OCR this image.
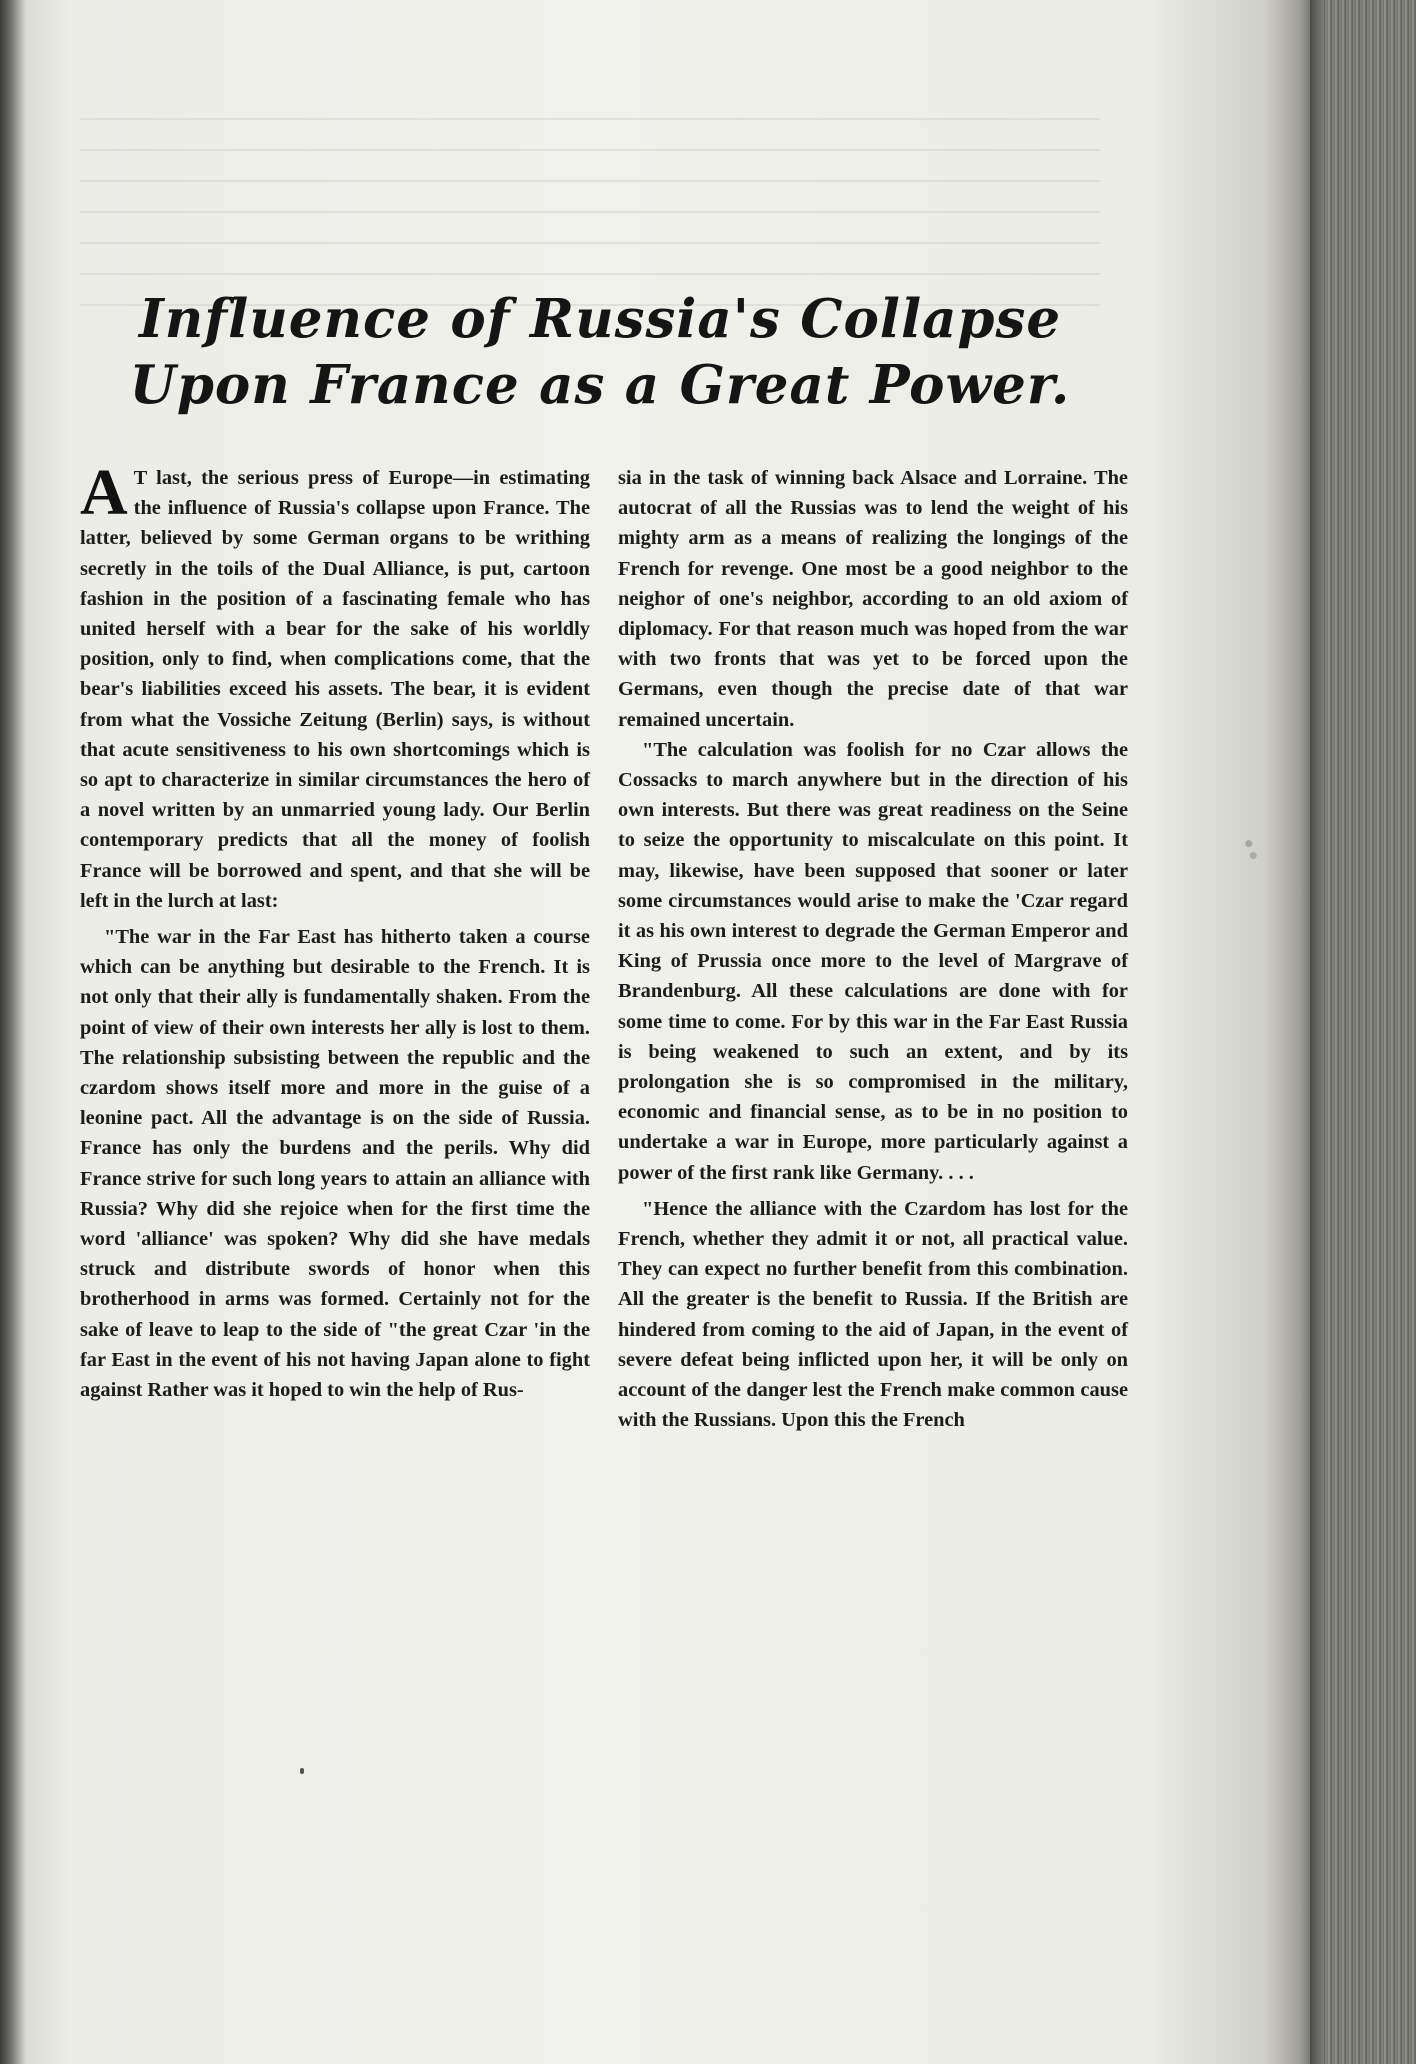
Influence of Russia's Collapse
Upon France as a Great Power.

A T last, the serious press of Europe—in estimating the influence of Russia's collapse upon France. The latter, believed by some German organs to be writhing secretly in the toils of the Dual Alliance, is put, cartoon fashion in the position of a fascinating female who has united herself with a bear for the sake of his worldly position, only to find, when complications come, that the bear's liabilities exceed his assets. The bear, it is evident from what the Vossiche Zeitung (Berlin) says, is without that acute sensitiveness to his own shortcomings which is so apt to characterize in similar circumstances the hero of a novel written by an unmarried young lady. Our Berlin contemporary predicts that all the money of foolish France will be borrowed and spent, and that she will be left in the lurch at last:

"The war in the Far East has hitherto taken a course which can be anything but desirable to the French. It is not only that their ally is fundamentally shaken. From the point of view of their own interests her ally is lost to them. The relationship subsisting between the republic and the czardom shows itself more and more in the guise of a leonine pact. All the advantage is on the side of Russia. France has only the burdens and the perils. Why did France strive for such long years to attain an alliance with Russia? Why did she rejoice when for the first time the word 'alliance' was spoken? Why did she have medals struck and distribute swords of honor when this brotherhood in arms was formed. Certainly not for the sake of leave to leap to the side of "the great Czar 'in the far East in the event of his not having Japan alone to fight against Rather was it hoped to win the help of Rus-

sia in the task of winning back Alsace and Lorraine. The autocrat of all the Russias was to lend the weight of his mighty arm as a means of realizing the longings of the French for revenge. One most be a good neighbor to the neighor of one's neighbor, according to an old axiom of diplomacy. For that reason much was hoped from the war with two fronts that was yet to be forced upon the Germans, even though the precise date of that war remained uncertain.

"The calculation was foolish for no Czar allows the Cossacks to march anywhere but in the direction of his own interests. But there was great readiness on the Seine to seize the opportunity to miscalculate on this point. It may, likewise, have been supposed that sooner or later some circumstances would arise to make the 'Czar regard it as his own interest to degrade the German Emperor and King of Prussia once more to the level of Margrave of Brandenburg. All these calculations are done with for some time to come. For by this war in the Far East Russia is being weakened to such an extent, and by its prolongation she is so compromised in the military, economic and financial sense, as to be in no position to undertake a war in Europe, more particularly against a power of the first rank like Germany. . . .

"Hence the alliance with the Czardom has lost for the French, whether they admit it or not, all practical value. They can expect no further benefit from this combination. All the greater is the benefit to Russia. If the British are hindered from coming to the aid of Japan, in the event of severe defeat being inflicted upon her, it will be only on account of the danger lest the French make common cause with the Russians. Upon this the French
